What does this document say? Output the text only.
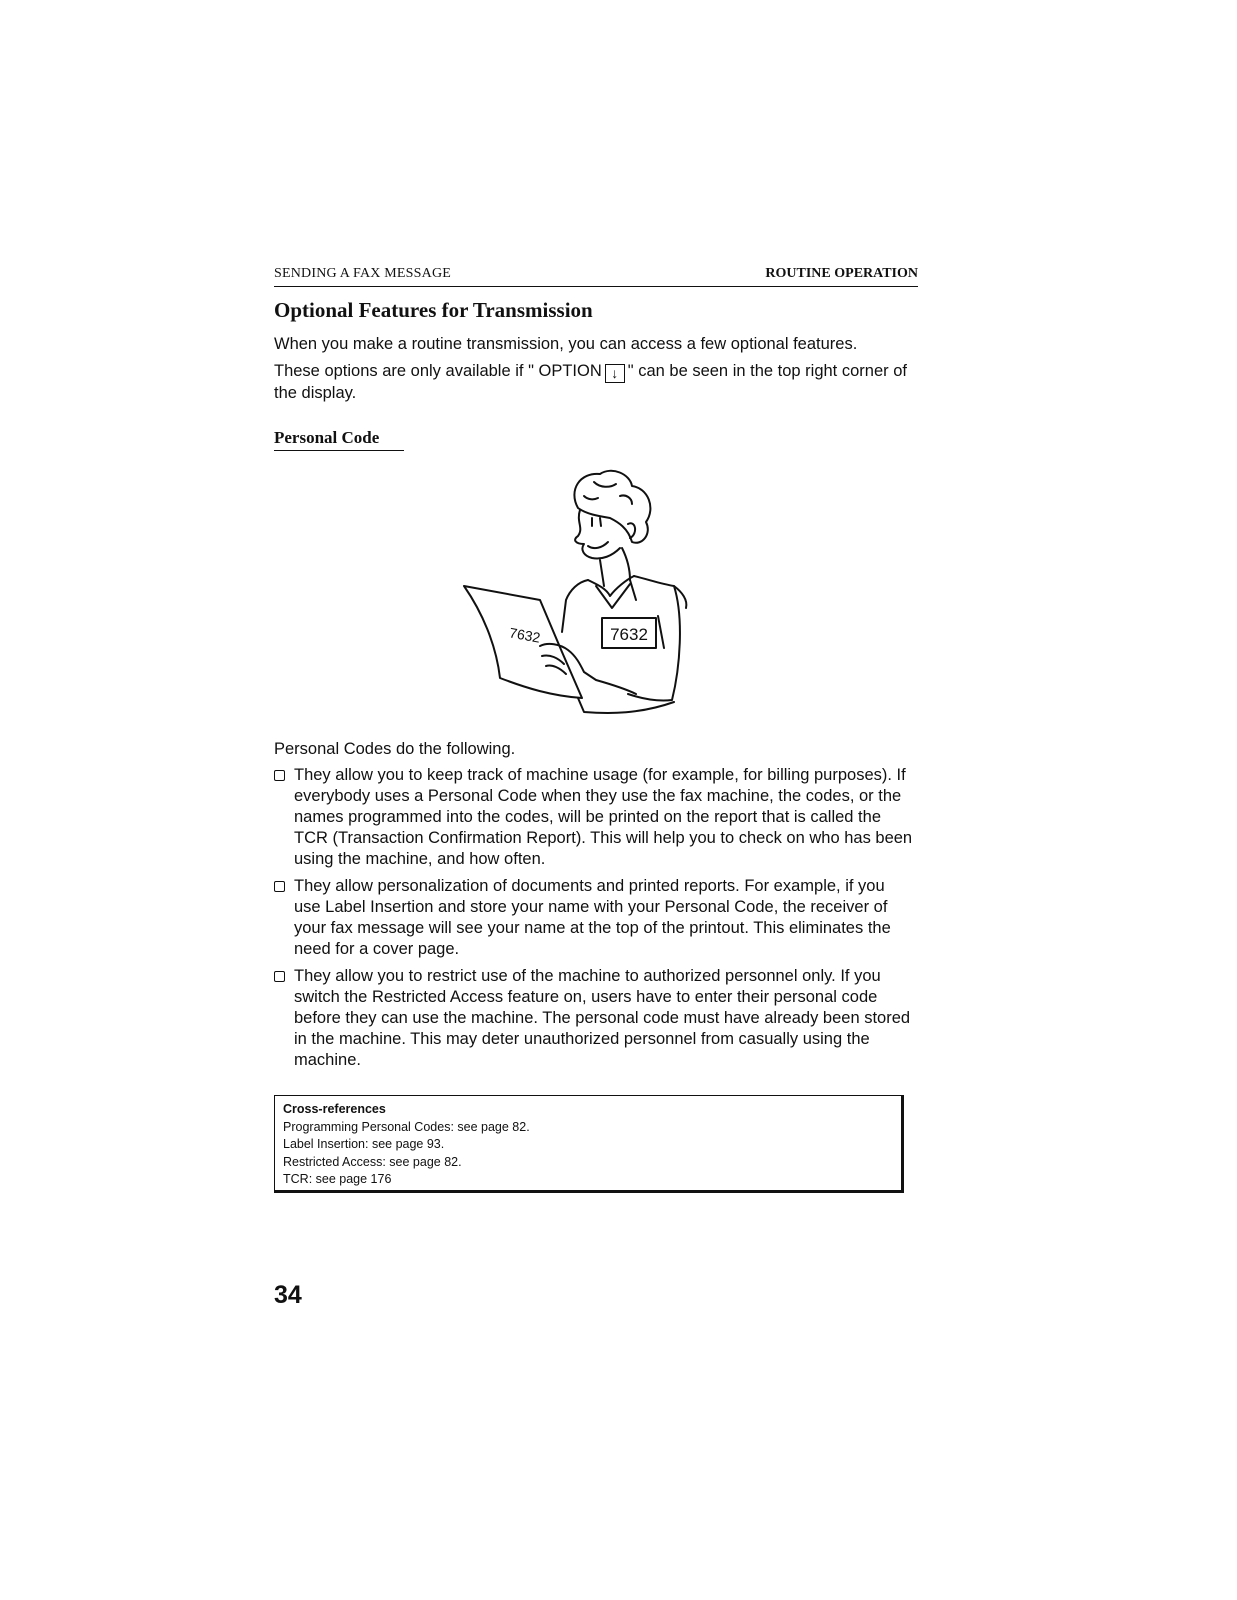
SENDING A FAX MESSAGE	ROUTINE OPERATION
Optional Features for Transmission

When you make a routine transmission, you can access a few optional features.

These options are only available if " OPTION ↓ " can be seen in the top right corner of the display.

Personal Code
7632
7632

Personal Codes do the following.

They allow you to keep track of machine usage (for example, for billing purposes). If everybody uses a Personal Code when they use the fax machine, the codes, or the names programmed into the codes, will be printed on the report that is called the TCR (Transaction Confirmation Report). This will help you to check on who has been using the machine, and how often.
They allow personalization of documents and printed reports. For example, if you use Label Insertion and store your name with your Personal Code, the receiver of your fax message will see your name at the top of the printout. This eliminates the need for a cover page.
They allow you to restrict use of the machine to authorized personnel only. If you switch the Restricted Access feature on, users have to enter their personal code before they can use the machine. The personal code must have already been stored in the machine. This may deter unauthorized personnel from casually using the machine.
Cross-references
Programming Personal Codes: see page 82.
Label Insertion: see page 93.
Restricted Access: see page 82.
TCR: see page 176
34
